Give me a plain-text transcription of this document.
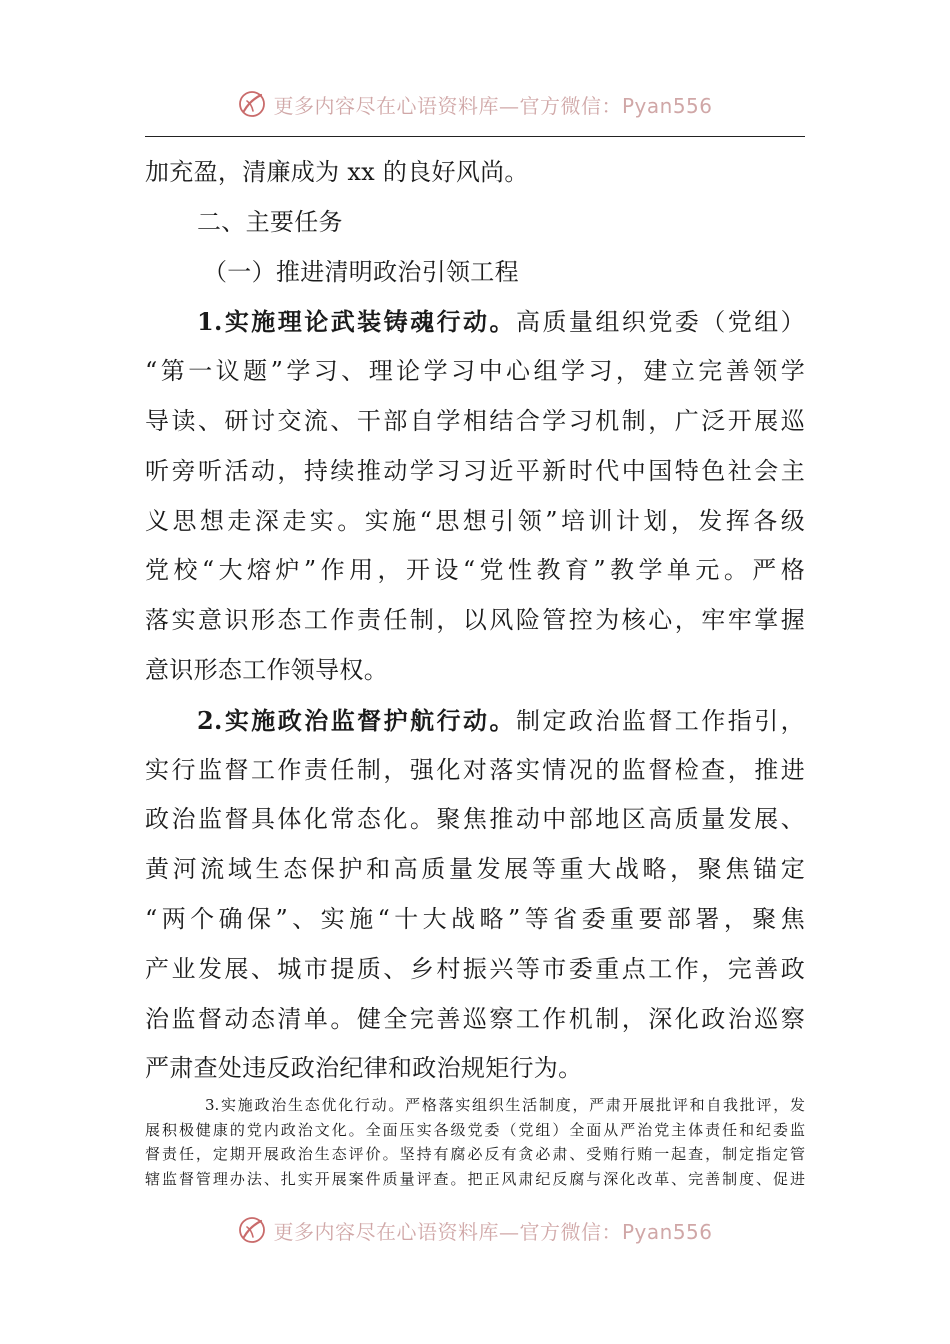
更多内容尽在心语资料库—官方微信：Pyan556
加充盈，清廉成为 xx 的良好风尚。
二、主要任务
（一）推进清明政治引领工程
1.实施理论武装铸魂行动。高质量组织党委（党组）
“第一议题”学习、理论学习中心组学习，建立完善领学
导读、研讨交流、干部自学相结合学习机制，广泛开展巡
听旁听活动，持续推动学习习近平新时代中国特色社会主
义思想走深走实。实施“思想引领”培训计划，发挥各级
党校“大熔炉”作用，开设“党性教育”教学单元。严格
落实意识形态工作责任制，以风险管控为核心，牢牢掌握
意识形态工作领导权。
2.实施政治监督护航行动。制定政治监督工作指引，
实行监督工作责任制，强化对落实情况的监督检查，推进
政治监督具体化常态化。聚焦推动中部地区高质量发展、
黄河流域生态保护和高质量发展等重大战略，聚焦锚定
“两个确保”、实施“十大战略”等省委重要部署，聚焦
产业发展、城市提质、乡村振兴等市委重点工作，完善政
治监督动态清单。健全完善巡察工作机制，深化政治巡察
严肃查处违反政治纪律和政治规矩行为。
3.实施政治生态优化行动。严格落实组织生活制度，严肃开展批评和自我批评，发
展积极健康的党内政治文化。全面压实各级党委（党组）全面从严治党主体责任和纪委监
督责任，定期开展政治生态评价。坚持有腐必反有贪必肃、受贿行贿一起查，制定指定管
辖监督管理办法、扎实开展案件质量评查。把正风肃纪反腐与深化改革、完善制度、促进
更多内容尽在心语资料库—官方微信：Pyan556
